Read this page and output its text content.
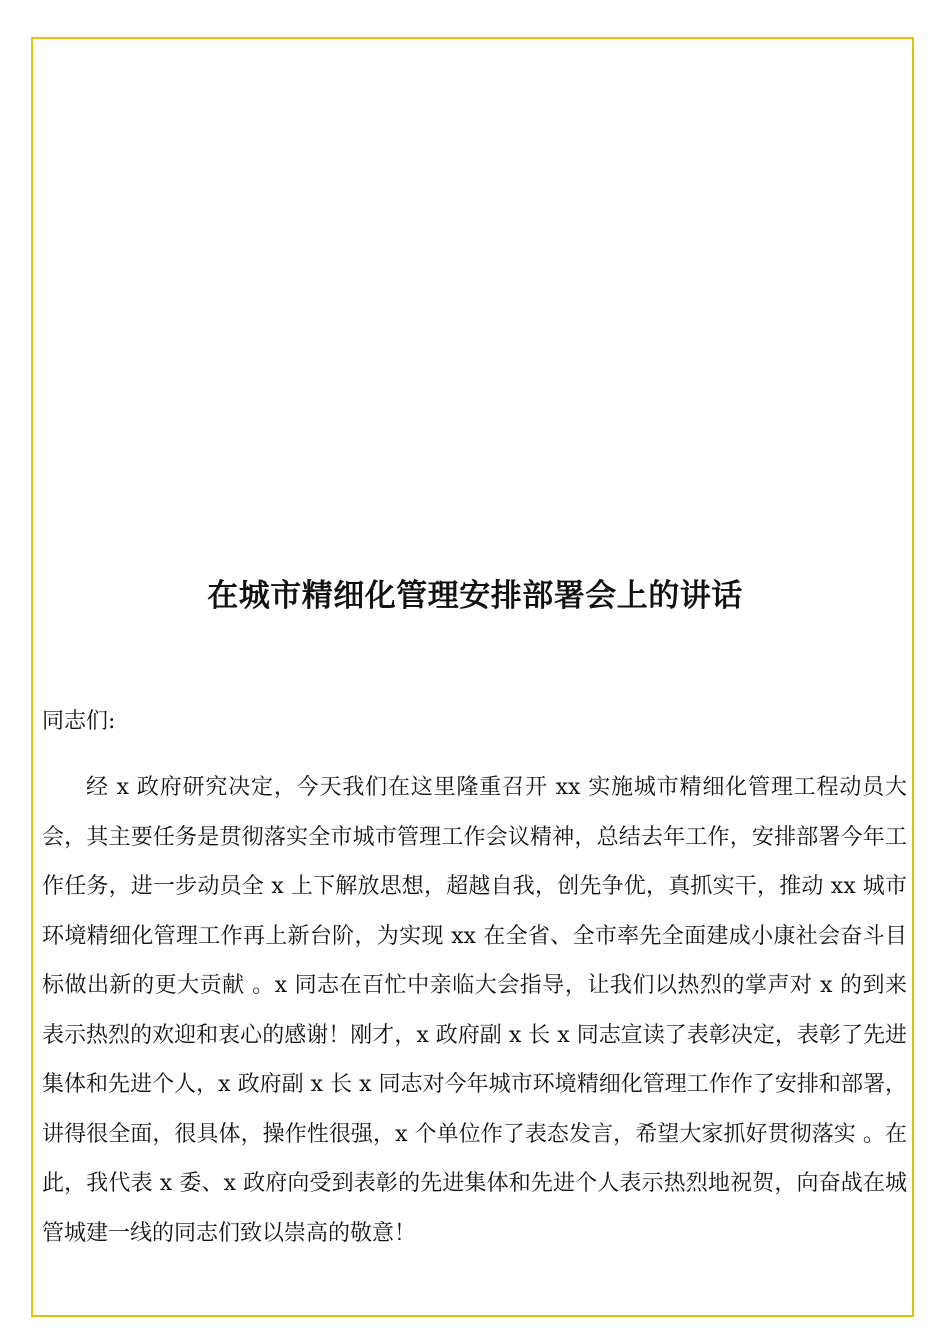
在城市精细化管理安排部署会上的讲话

同志们:

经 x 政府研究决定，今天我们在这里隆重召开 xx 实施城市精细化管理工程动员大会，其主要任务是贯彻落实全市城市管理工作会议精神，总结去年工作，安排部署今年工作任务，进一步动员全 x 上下解放思想，超越自我，创先争优，真抓实干，推动 xx 城市环境精细化管理工作再上新台阶，为实现 xx 在全省、全市率先全面建成小康社会奋斗目标做出新的更大贡献 。x 同志在百忙中亲临大会指导，让我们以热烈的掌声对 x 的到来表示热烈的欢迎和衷心的感谢！刚才，x 政府副 x 长 x 同志宣读了表彰决定，表彰了先进集体和先进个人，x 政府副 x 长 x 同志对今年城市环境精细化管理工作作了安排和部署，讲得很全面，很具体，操作性很强，x 个单位作了表态发言，希望大家抓好贯彻落实 。在此，我代表 x 委、x 政府向受到表彰的先进集体和先进个人表示热烈地祝贺，向奋战在城管城建一线的同志们致以崇高的敬意！
